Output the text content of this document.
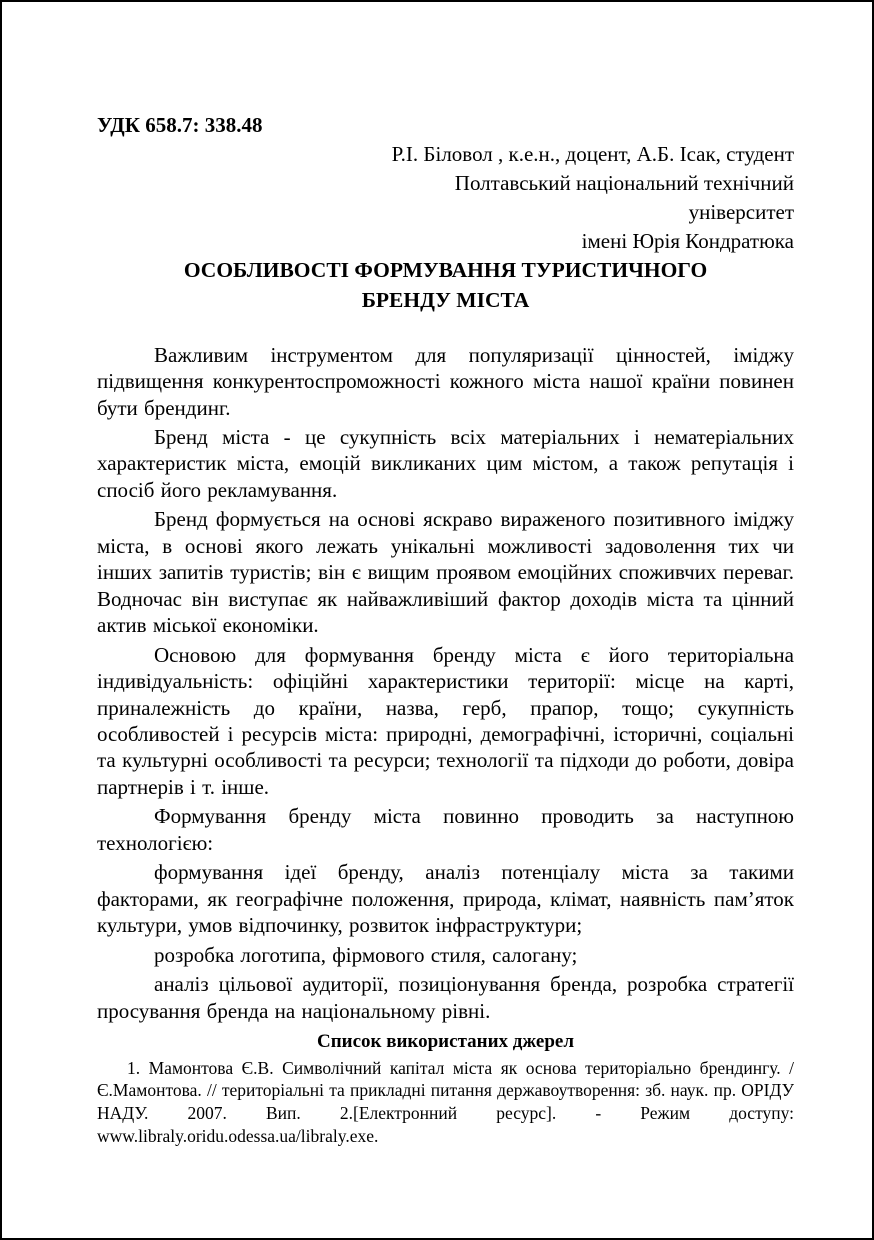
УДК 658.7: 338.48
Р.І. Біловол , к.е.н., доцент, А.Б. Ісак, студент
Полтавський національний технічний
університет
імені Юрія Кондратюка
ОСОБЛИВОСТІ ФОРМУВАННЯ ТУРИСТИЧНОГО
БРЕНДУ МІСТА

Важливим інструментом для популяризації цінностей, іміджу підвищення конкурентоспроможності кожного міста нашої країни повинен бути брендинг.

Бренд міста - це сукупність всіх матеріальних і нематеріальних характеристик міста, емоцій викликаних цим містом, а також репутація і спосіб його рекламування.

Бренд формується на основі яскраво вираженого позитивного іміджу міста, в основі якого лежать унікальні можливості задоволення тих чи інших запитів туристів; він є вищим проявом емоційних споживчих переваг. Водночас він виступає як найважливіший фактор доходів міста та цінний актив міської економіки.

Основою для формування бренду міста є його територіальна індивідуальність: офіційні характеристики території: місце на карті, приналежність до країни, назва, герб, прапор, тощо; сукупність особливостей і ресурсів міста: природні, демографічні, історичні, соціальні та культурні особливості та ресурси; технології та підходи до роботи, довіра партнерів і т. інше.

Формування бренду міста повинно проводить за наступною технологією:

формування ідеї бренду, аналіз потенціалу міста за такими факторами, як географічне положення, природа, клімат, наявність пам’яток культури, умов відпочинку, розвиток інфраструктури;

розробка логотипа, фірмового стиля, салогану;

аналіз цільової аудиторії, позиціонування бренда, розробка стратегії просування бренда на національному рівні.

Список використаних джерел

1. Мамонтова Є.В. Символічний капітал міста як основа територіально брендингу. / Є.Мамонтова. // територіальні та прикладні питання державоутворення: зб. наук. пр. ОРІДУ НАДУ. 2007. Вип. 2.[Електронний ресурс]. - Режим доступу: www.libraly.oridu.odessa.ua/libraly.exe.
